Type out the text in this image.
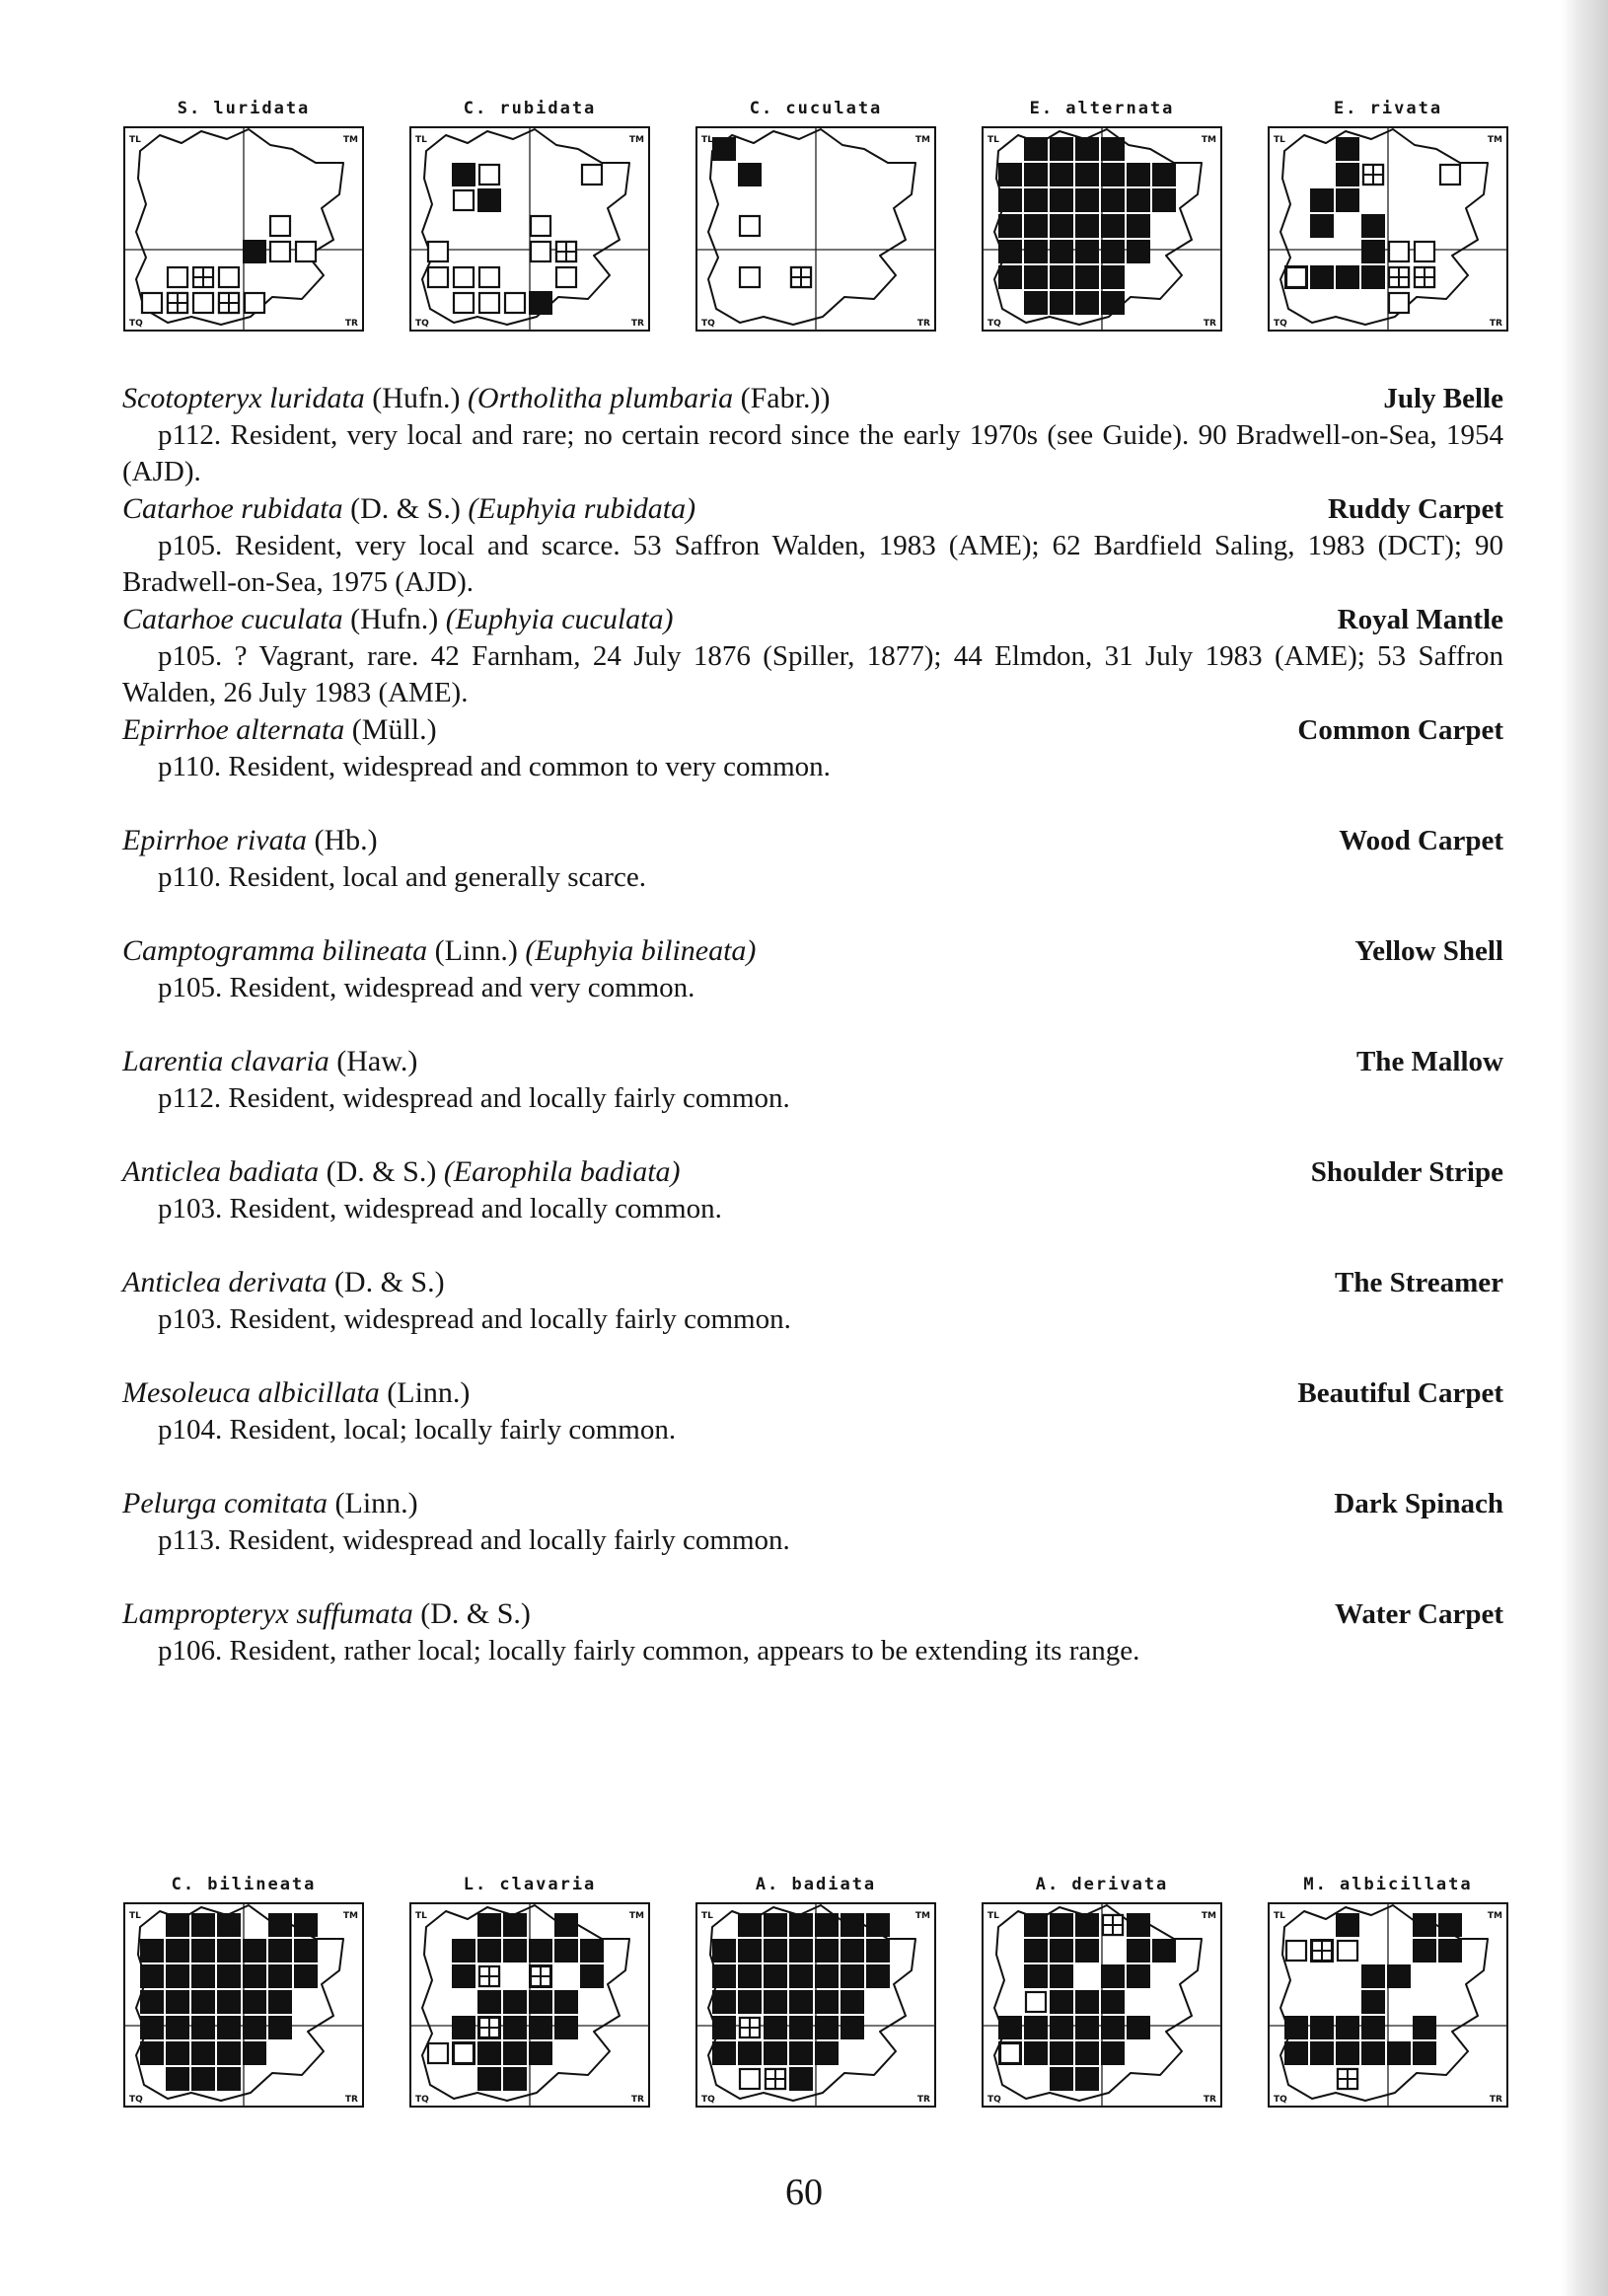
S. luridata
TL	TM
TQ	TR
C. rubidata
TL	TM
TQ	TR
C. cuculata
TL	TM
TQ	TR
E. alternata
TL	TM
TQ	TR
E. rivata
TL	TM
TQ	TR
Scotopteryx luridata (Hufn.) (Ortholitha plumbaria (Fabr.))	July Belle

p112. Resident, very local and rare; no certain record since the early 1970s (see Guide). 90 Bradwell-on-Sea, 1954 (AJD).

Catarhoe rubidata (D. & S.) (Euphyia rubidata)	Ruddy Carpet

p105. Resident, very local and scarce. 53 Saffron Walden, 1983 (AME); 62 Bardfield Saling, 1983 (DCT); 90 Bradwell-on-Sea, 1975 (AJD).

Catarhoe cuculata (Hufn.) (Euphyia cuculata)	Royal Mantle

p105. ? Vagrant, rare. 42 Farnham, 24 July 1876 (Spiller, 1877); 44 Elmdon, 31 July 1983 (AME); 53 Saffron Walden, 26 July 1983 (AME).

Epirrhoe alternata (Müll.)	Common Carpet

p110. Resident, widespread and common to very common.

Epirrhoe rivata (Hb.)	Wood Carpet

p110. Resident, local and generally scarce.

Camptogramma bilineata (Linn.) (Euphyia bilineata)	Yellow Shell

p105. Resident, widespread and very common.

Larentia clavaria (Haw.)	The Mallow

p112. Resident, widespread and locally fairly common.

Anticlea badiata (D. & S.) (Earophila badiata)	Shoulder Stripe

p103. Resident, widespread and locally common.

Anticlea derivata (D. & S.)	The Streamer

p103. Resident, widespread and locally fairly common.

Mesoleuca albicillata (Linn.)	Beautiful Carpet

p104. Resident, local; locally fairly common.

Pelurga comitata (Linn.)	Dark Spinach

p113. Resident, widespread and locally fairly common.

Lampropteryx suffumata (D. & S.)	Water Carpet

p106. Resident, rather local; locally fairly common, appears to be extending its range.

C. bilineata
TL	TM
TQ	TR
L. clavaria
TL	TM
TQ	TR
A. badiata
TL	TM
TQ	TR
A. derivata
TL	TM
TQ	TR
M. albicillata
TL	TM
TQ	TR
60
